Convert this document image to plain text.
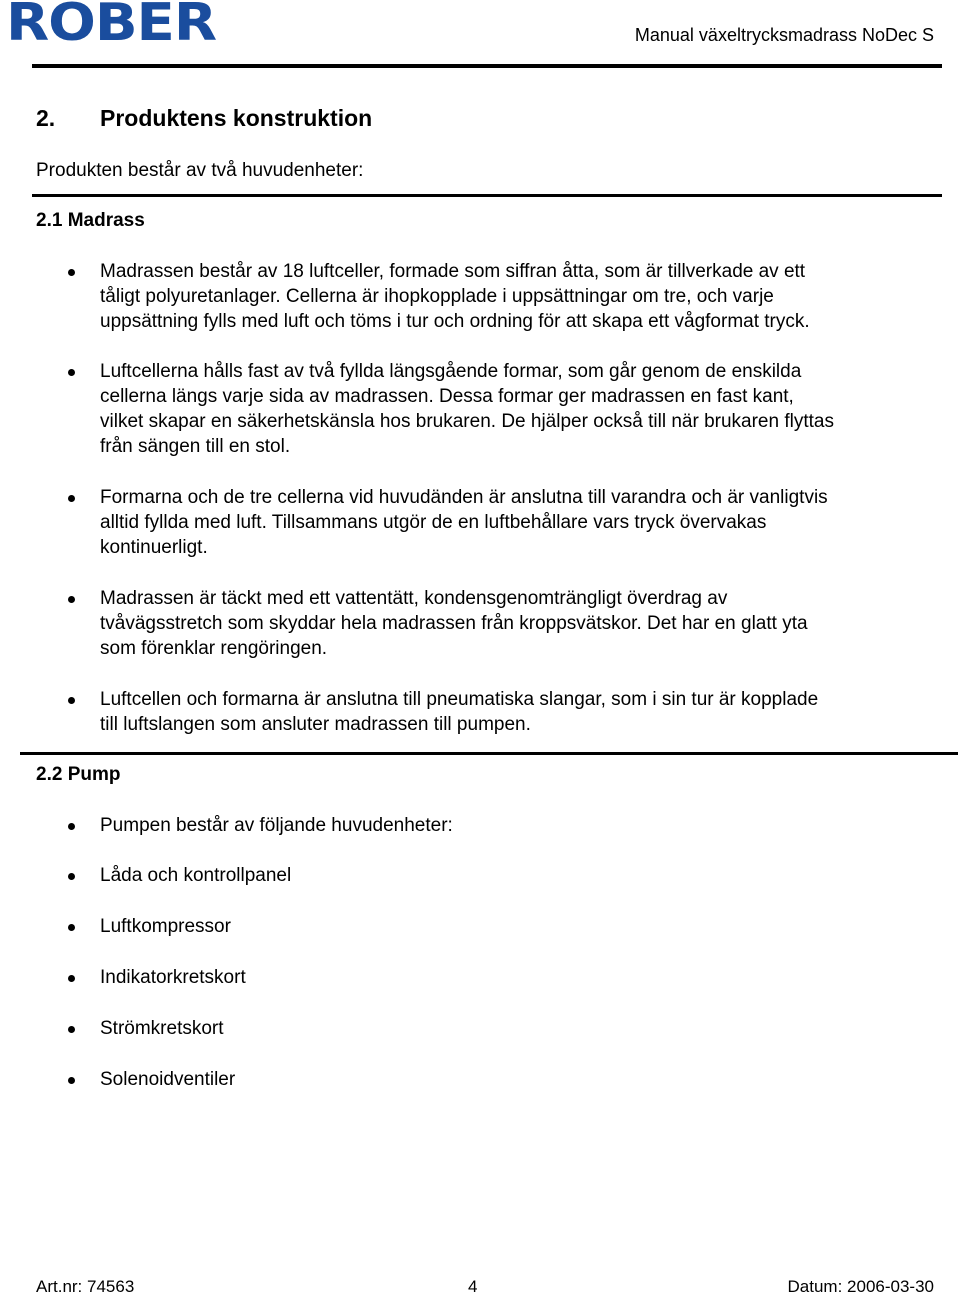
ROBER	Manual växeltrycksmadrass NoDec S
2. Produktens konstruktion
Produkten består av två huvudenheter:
2.1 Madrass
Madrassen består av 18 luftceller, formade som siffran åtta, som är tillverkade av ett
tåligt polyuretanlager. Cellerna är ihopkopplade i uppsättningar om tre, och varje
uppsättning fylls med luft och töms i tur och ordning för att skapa ett vågformat tryck.
Luftcellerna hålls fast av två fyllda längsgående formar, som går genom de enskilda
cellerna längs varje sida av madrassen. Dessa formar ger madrassen en fast kant,
vilket skapar en säkerhetskänsla hos brukaren. De hjälper också till när brukaren flyttas
från sängen till en stol.
Formarna och de tre cellerna vid huvudänden är anslutna till varandra och är vanligtvis
alltid fyllda med luft. Tillsammans utgör de en luftbehållare vars tryck övervakas
kontinuerligt.
Madrassen är täckt med ett vattentätt, kondensgenomträngligt överdrag av
tvåvägsstretch som skyddar hela madrassen från kroppsvätskor. Det har en glatt yta
som förenklar rengöringen.
Luftcellen och formarna är anslutna till pneumatiska slangar, som i sin tur är kopplade
till luftslangen som ansluter madrassen till pumpen.
2.2 Pump
Pumpen består av följande huvudenheter:
Låda och kontrollpanel
Luftkompressor
Indikatorkretskort
Strömkretskort
Solenoidventiler
Art.nr: 74563	4	Datum: 2006-03-30
